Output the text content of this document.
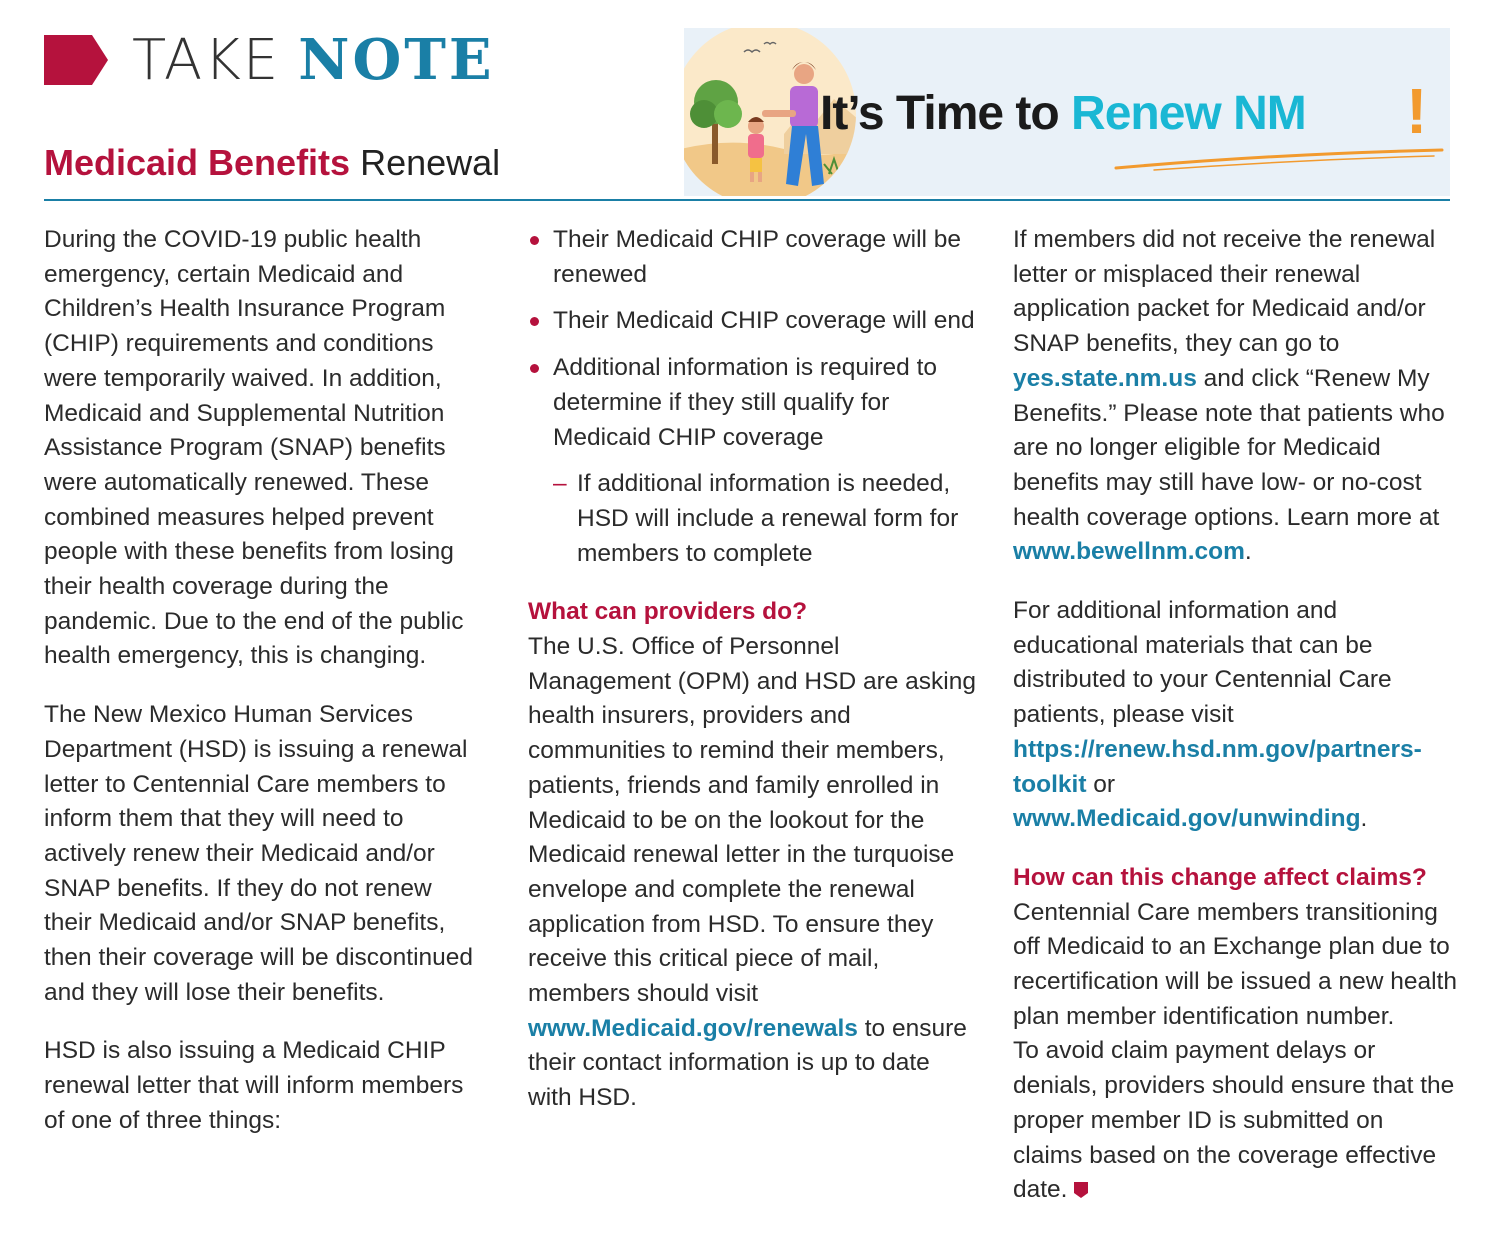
TAKE NOTE
Medicaid Benefits Renewal
It’s Time to Renew NM !

During the COVID-19 public health emergency, certain Medicaid and Children’s Health Insurance Program (CHIP) requirements and conditions were temporarily waived. In addition, Medicaid and Supplemental Nutrition Assistance Program (SNAP) benefits were automatically renewed. These combined measures helped prevent people with these benefits from losing their health coverage during the pandemic. Due to the end of the public health emergency, this is changing.

The New Mexico Human Services Department (HSD) is issuing a renewal letter to Centennial Care members to inform them that they will need to actively renew their Medicaid and/or SNAP benefits. If they do not renew their Medicaid and/or SNAP benefits, then their coverage will be discontinued and they will lose their benefits.

HSD is also issuing a Medicaid CHIP renewal letter that will inform members of one of three things:

Their Medicaid CHIP coverage will be renewed
Their Medicaid CHIP coverage will end
Additional information is required to determine if they still qualify for Medicaid CHIP coverage
– If additional information is needed, HSD will include a renewal form for members to complete
What can providers do?

The U.S. Office of Personnel Management (OPM) and HSD are asking health insurers, providers and communities to remind their members, patients, friends and family enrolled in Medicaid to be on the lookout for the Medicaid renewal letter in the turquoise envelope and complete the renewal application from HSD. To ensure they receive this critical piece of mail, members should visit www.Medicaid.gov/renewals to ensure their contact information is up to date with HSD.

If members did not receive the renewal letter or misplaced their renewal application packet for Medicaid and/or SNAP benefits, they can go to yes.state.nm.us and click “Renew My Benefits.” Please note that patients who are no longer eligible for Medicaid benefits may still have low- or no-cost health coverage options. Learn more at www.bewellnm.com.

For additional information and educational materials that can be distributed to your Centennial Care patients, please visit https://renew.hsd.nm.gov/partners-toolkit or www.Medicaid.gov/unwinding.

How can this change affect claims?

Centennial Care members transitioning off Medicaid to an Exchange plan due to recertification will be issued a new health plan member identification number.

To avoid claim payment delays or denials, providers should ensure that the proper member ID is submitted on claims based on the coverage effective date.
